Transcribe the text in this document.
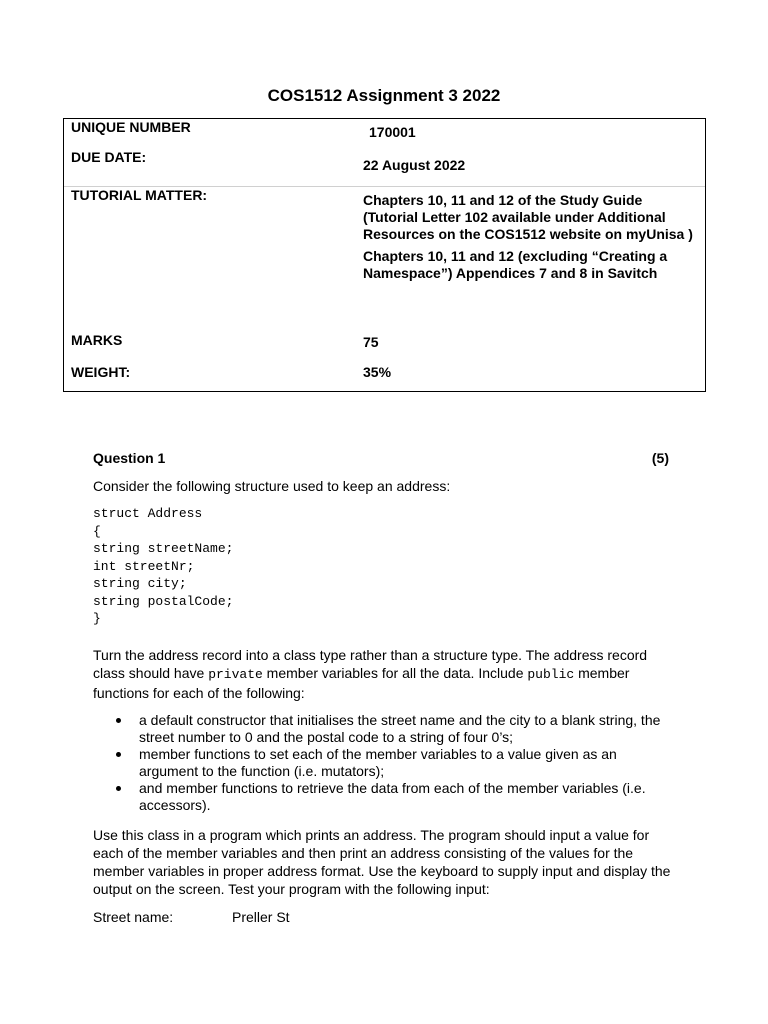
COS1512 Assignment 3 2022
UNIQUE NUMBER	170001
DUE DATE:	22 August 2022
TUTORIAL MATTER:	Chapters 10, 11 and 12 of the Study Guide (Tutorial Letter 102 available under Additional Resources on the COS1512 website on myUnisa )

Chapters 10, 11 and 12 (excluding “Creating a Namespace”) Appendices 7 and 8 in Savitch

MARKS	75
WEIGHT:	35%
Question 1	(5)

Consider the following structure used to keep an address:

struct Address
{
string streetName;
int streetNr;
string city;
string postalCode;
}

Turn the address record into a class type rather than a structure type. The address record class should have private member variables for all the data. Include public member functions for each of the following:

a default constructor that initialises the street name and the city to a blank string, the street number to 0 and the postal code to a string of four 0’s;
member functions to set each of the member variables to a value given as an argument to the function (i.e. mutators);
and member functions to retrieve the data from each of the member variables (i.e. accessors).

Use this class in a program which prints an address. The program should input a value for each of the member variables and then print an address consisting of the values for the member variables in proper address format. Use the keyboard to supply input and display the output on the screen. Test your program with the following input:

Street name:	Preller St
